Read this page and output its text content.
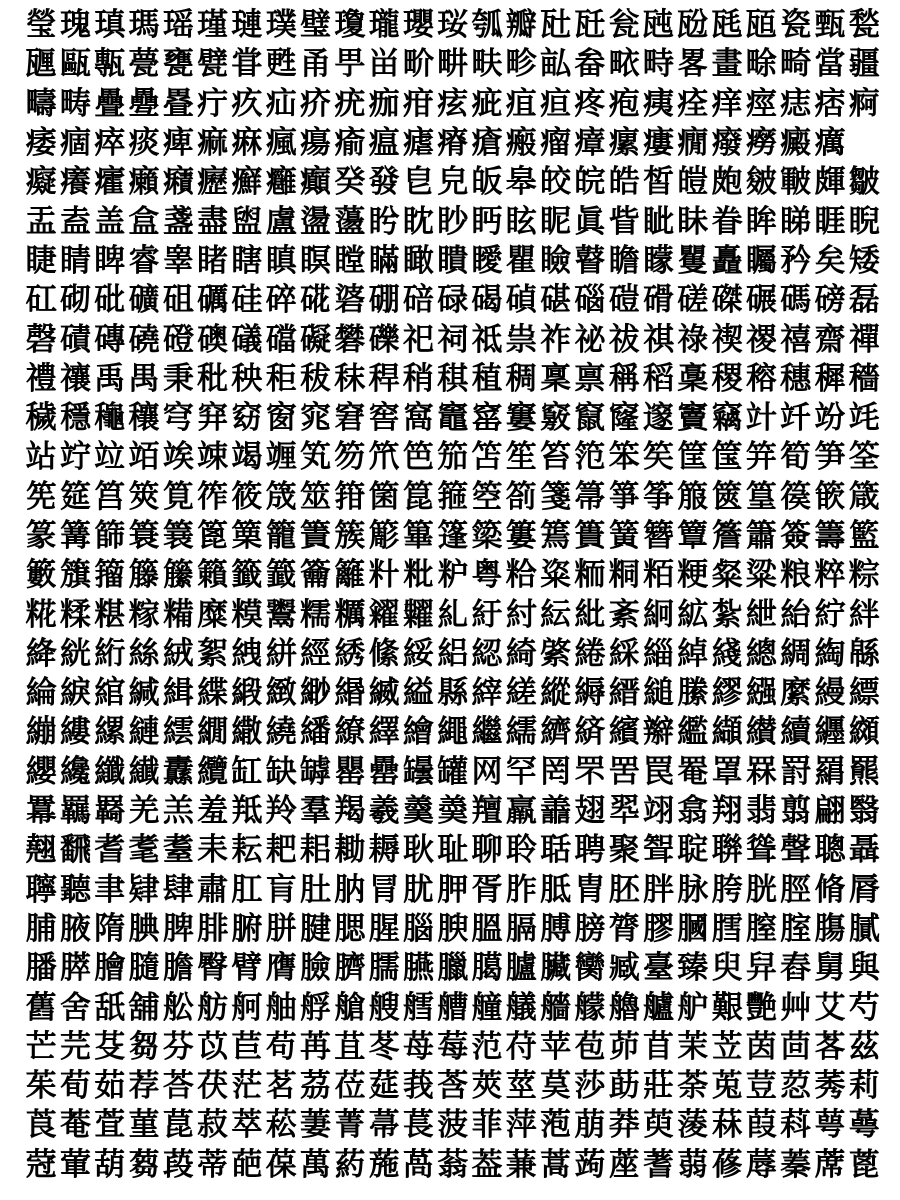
瑩 瑰 瑱 瑪 瑶 瑾 璉 璞 璧 瓊 瓏 瓔 珱 瓠 瓣 瓧 瓩 瓮 瓲 瓰 瓱 瓸 瓷 甄 甃
甅 甌 甎 甍 甕 甓 甞 甦 甬 甼 畄 畍 畊 畉 畛 畆 畚 畩 畤 畧 畫 畭 畸 當 疆
疇 畴 疊 疉 疂 疔 疚 疝 疥 疣 痂 疳 痃 疵 疽 疸 疼 疱 痍 痊 痒 痙 痣 痞 痾
痿 痼 瘁 痰 痺 痲 痳 瘋 瘍 瘉 瘟 瘧 瘠 瘡 瘢 瘤 瘴 瘰 瘻 癇 癈 癆 癜 癘
癡 癢 癨 癩 癪 癧 癬 癰 癲 癸 發 皀 皃 皈 皋 皎 皖 皓 皙 皚 皰 皴 皸 皹 皺
盂 盍 盖 盒 盞 盡 盥 盧 盪 蘯 盻 眈 眇 眄 眩 眤 眞 眥 眦 眛 眷 眸 睇 睚 睨
睫 睛 睥 睿 睾 睹 瞎 瞋 瞑 瞠 瞞 瞰 瞶 瞹 瞿 瞼 瞽 瞻 矇 矍 矗 矚 矜 矣 矮
矼 砌 砒 礦 砠 礪 硅 碎 硴 碆 硼 碚 碌 碣 碵 碪 碯 磑 磆 磋 磔 碾 碼 磅 磊
磬 磧 磚 磽 磴 礇 礒 礑 礙 礬 礫 祀 祠 祗 祟 祚 祕 祓 祺 祿 禊 禝 禧 齋 禪
禮 禳 禹 禺 秉 秕 秧 秬 秡 秣 稈 稍 稘 稙 稠 稟 禀 稱 稻 稾 稷 穃 穗 穉 穡
穢 穩 龝 穰 穹 穽 窈 窗 窕 窘 窖 窩 竈 窰 窶 竅 竄 窿 邃 竇 竊 竍 竏 竕 竓
站 竚 竝 竡 竢 竦 竭 竰 笂 笏 笊 笆 笳 笘 笙 笞 笵 笨 笶 筐 筺 笄 筍 笋 筌
筅 筵 筥 筴 筧 筰 筱 筬 筮 箝 箘 箟 箍 箜 箚 箋 箒 箏 筝 箙 篋 篁 篌 篏 箴
篆 篝 篩 簑 簔 篦 篥 籠 簀 簇 簓 篳 篷 簗 簍 篶 簣 簧 簪 簟 簷 簫 簽 籌 籃
籔 籏 籀 籐 籘 籟 籤 籖 籥 籬 籵 粃 粐 粤 粭 粢 粫 粡 粨 粳 粲 粱 粮 粹 粽
糀 糅 糂 糘 糒 糜 糢 鬻 糯 糲 糴 糶 糺 紆 紂 紜 紕 紊 絅 絋 紮 紲 紿 紵 絆
絳 絖 絎 絲 絨 絮 絏 絣 經 綉 絛 綏 絽 綛 綺 綮 綣 綵 緇 綽 綫 總 綢 綯 緜
綸 綟 綰 緘 緝 緤 緞 緻 緲 緡 縅 縊 縣 縡 縒 縱 縟 縉 縋 縢 繆 繦 縻 縵 縹
繃 縷 縲 縺 繧 繝 繖 繞 繙 繚 繹 繪 繩 繼 繻 纃 緕 繽 辮 繿 纈 纉 續 纒 纐
纓 纔 纖 纎 纛 纜 缸 缺 罅 罌 罍 罎 罐 网 罕 罔 罘 罟 罠 罨 罩 罧 罸 羂 羆
羃 羈 羇 羌 羔 羞 羝 羚 羣 羯 羲 羹 羮 羶 羸 譱 翅 翆 翊 翕 翔 翡 翦 翩 翳
翹 飜 耆 耄 耋 耒 耘 耙 耜 耡 耨 耿 耻 聊 聆 聒 聘 聚 聟 聢 聨 聳 聲 聰 聶
聹 聽 聿 肄 肆 肅 肛 肓 肚 肭 冐 肬 胛 胥 胙 胝 胄 胚 胖 脉 胯 胱 脛 脩 脣
脯 腋 隋 腆 脾 腓 腑 胼 腱 腮 腥 腦 腴 膃 膈 膊 膀 膂 膠 膕 膤 膣 腟 膓 膩
膰 膵 膾 膸 膽 臀 臂 膺 臉 臍 臑 臙 臘 臈 臚 臟 臠 臧 臺 臻 臾 舁 舂 舅 與
舊 舍 舐 舖 舩 舫 舸 舳 艀 艙 艘 艝 艚 艟 艤 艢 艨 艪 艫 舮 艱 艷 艸 艾 芍
芒 芫 芟 芻 芬 苡 苣 苟 苒 苴 苳 苺 莓 范 苻 苹 苞 茆 苜 茉 苙 茵 茴 茖 茲
茱 荀 茹 荐 荅 茯 茫 茗 茘 莅 莚 莪 莟 莢 莖 茣 莎 莇 莊 荼 莵 荳 荵 莠 莉
莨 菴 萓 菫 菎 菽 萃 菘 萋 菁 菷 萇 菠 菲 萍 萢 萠 莽 萸 蔆 菻 葭 萪 萼 蕚
蒄 葷 葫 蒭 葮 蒂 葩 葆 萬 葯 葹 萵 蓊 葢 蒹 蒿 蒟 蓙 蓍 蒻 蓚 蓐 蓁 蓆 蓖
